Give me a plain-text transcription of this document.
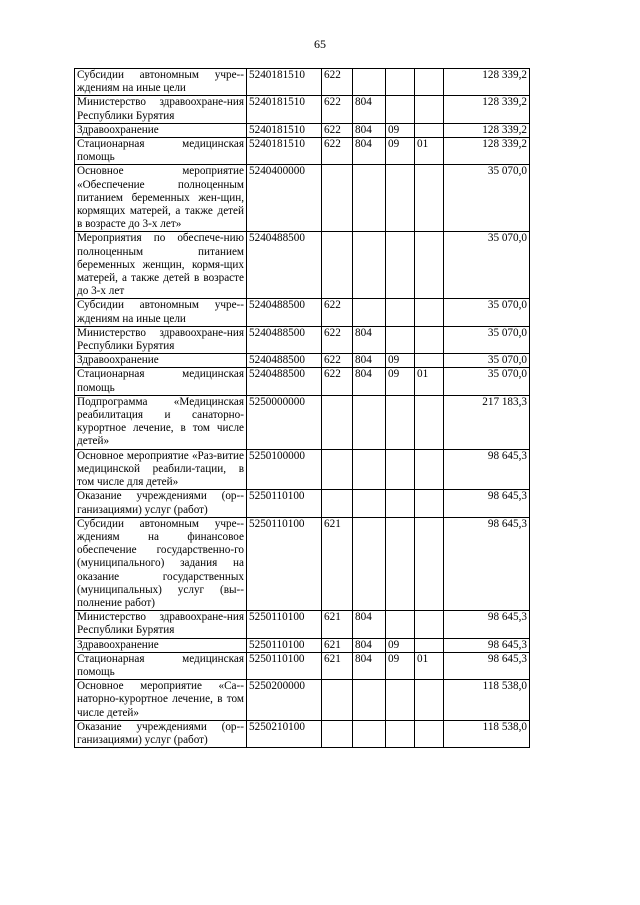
65
Субсидии автономным учре-ждениям на иные цели	5240181510	622				128 339,2
Министерство здравоохране-ния Республики Бурятия	5240181510	622	804			128 339,2
Здравоохранение	5240181510	622	804	09		128 339,2
Стационарная медицинская помощь	5240181510	622	804	09	01	128 339,2
Основное мероприятие «Обеспечение полноценным питанием беременных жен-щин, кормящих матерей, а также детей в возрасте до 3-х лет»	5240400000					35 070,0
Мероприятия по обеспече-нию полноценным питанием беременных женщин, кормя-щих матерей, а также детей в возрасте до 3-х лет	5240488500					35 070,0
Субсидии автономным учре-ждениям на иные цели	5240488500	622				35 070,0
Министерство здравоохране-ния Республики Бурятия	5240488500	622	804			35 070,0
Здравоохранение	5240488500	622	804	09		35 070,0
Стационарная медицинская помощь	5240488500	622	804	09	01	35 070,0
Подпрограмма «Медицинская реабилитация и санаторно-курортное лечение, в том числе детей»	5250000000					217 183,3
Основное мероприятие «Раз-витие медицинской реабили-тации, в том числе для детей»	5250100000					98 645,3
Оказание учреждениями (ор-ганизациями) услуг (работ)	5250110100					98 645,3
Субсидии автономным учре-ждениям на финансовое обеспечение государственно-го (муниципального) задания на оказание государственных (муниципальных) услуг (вы-полнение работ)	5250110100	621				98 645,3
Министерство здравоохране-ния Республики Бурятия	5250110100	621	804			98 645,3
Здравоохранение	5250110100	621	804	09		98 645,3
Стационарная медицинская помощь	5250110100	621	804	09	01	98 645,3
Основное мероприятие «Са-наторно-курортное лечение, в том числе детей»	5250200000					118 538,0
Оказание учреждениями (ор-ганизациями) услуг (работ)	5250210100					118 538,0
